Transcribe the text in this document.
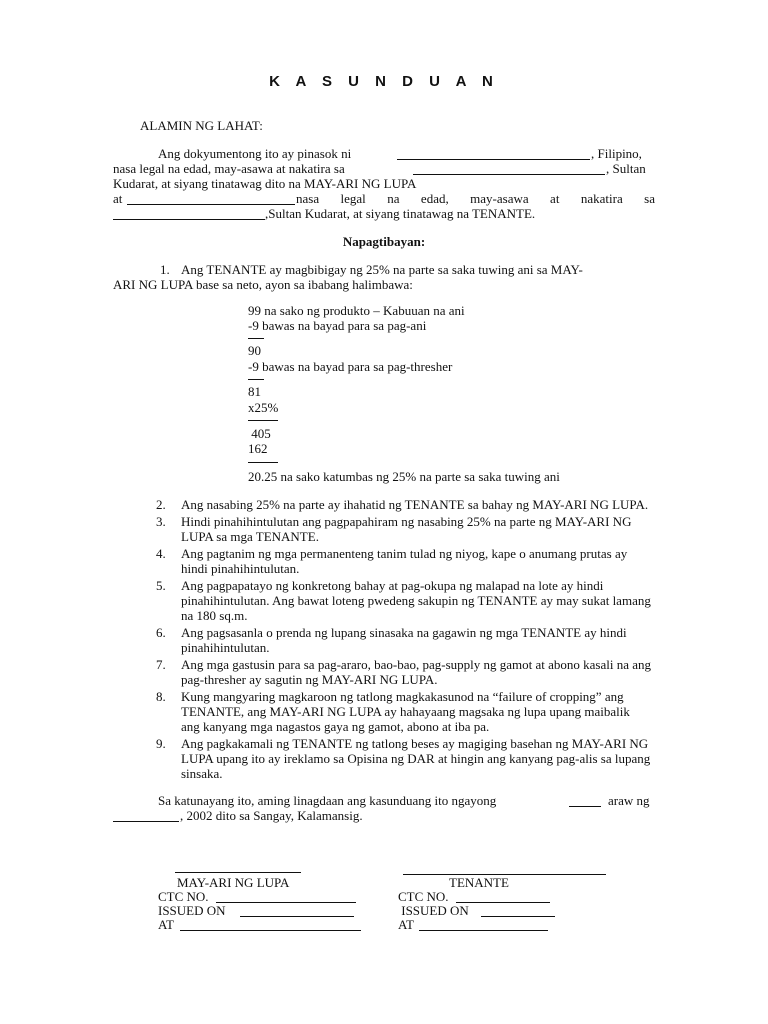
K A S U N D U A N
ALAMIN NG LAHAT:
Ang dokyumentong ito ay pinasok ni	, Filipino,
nasa legal na edad, may-asawa at nakatira sa	, Sultan
Kudarat, at siyang tinatawag dito na MAY-ARI NG LUPA
at	nasa legal na edad, may-asawa at nakatira sa
,Sultan Kudarat, at siyang tinatawag na TENANTE.
Napagtibayan:
1. Ang TENANTE ay magbibigay ng 25% na parte sa saka tuwing ani sa MAY-
ARI NG LUPA base sa neto, ayon sa ibabang halimbawa:
99 na sako ng produkto – Kabuuan na ani
-9 bawas na bayad para sa pag-ani
90
-9 bawas na bayad para sa pag-thresher
81
x25%
405
162
20.25 na sako katumbas ng 25% na parte sa saka tuwing ani
2.	Ang nasabing 25% na parte ay ihahatid ng TENANTE sa bahay ng MAY-ARI NG LUPA.
3.	Hindi pinahihintulutan ang pagpapahiram ng nasabing 25% na parte ng MAY-ARI NG LUPA sa mga TENANTE.
4.	Ang pagtanim ng mga permanenteng tanim tulad ng niyog, kape o anumang prutas ay hindi pinahihintulutan.
5.	Ang pagpapatayo ng konkretong bahay at pag-okupa ng malapad na lote ay hindi pinahihintulutan. Ang bawat loteng pwedeng sakupin ng TENANTE ay may sukat lamang na 180 sq.m.
6.	Ang pagsasanla o prenda ng lupang sinasaka na gagawin ng mga TENANTE ay hindi pinahihintulutan.
7.	Ang mga gastusin para sa pag-araro, bao-bao, pag-supply ng gamot at abono kasali na ang pag-thresher ay sagutin ng MAY-ARI NG LUPA.
8.	Kung mangyaring magkaroon ng tatlong magkakasunod na “failure of cropping” ang TENANTE, ang MAY-ARI NG LUPA ay hahayaang magsaka ng lupa upang maibalik ang kanyang mga nagastos gaya ng gamot, abono at iba pa.
9.	Ang pagkakamali ng TENANTE ng tatlong beses ay magiging basehan ng MAY-ARI NG LUPA upang ito ay ireklamo sa Opisina ng DAR at hingin ang kanyang pag-alis sa lupang sinsaka.
Sa katunayang ito, aming linagdaan ang kasunduang ito ngayong	araw ng
, 2002 dito sa Sangay, Kalamansig.
MAY-ARI NG LUPA	TENANTE
CTC NO.	CTC NO.
ISSUED ON	ISSUED ON
AT	AT
